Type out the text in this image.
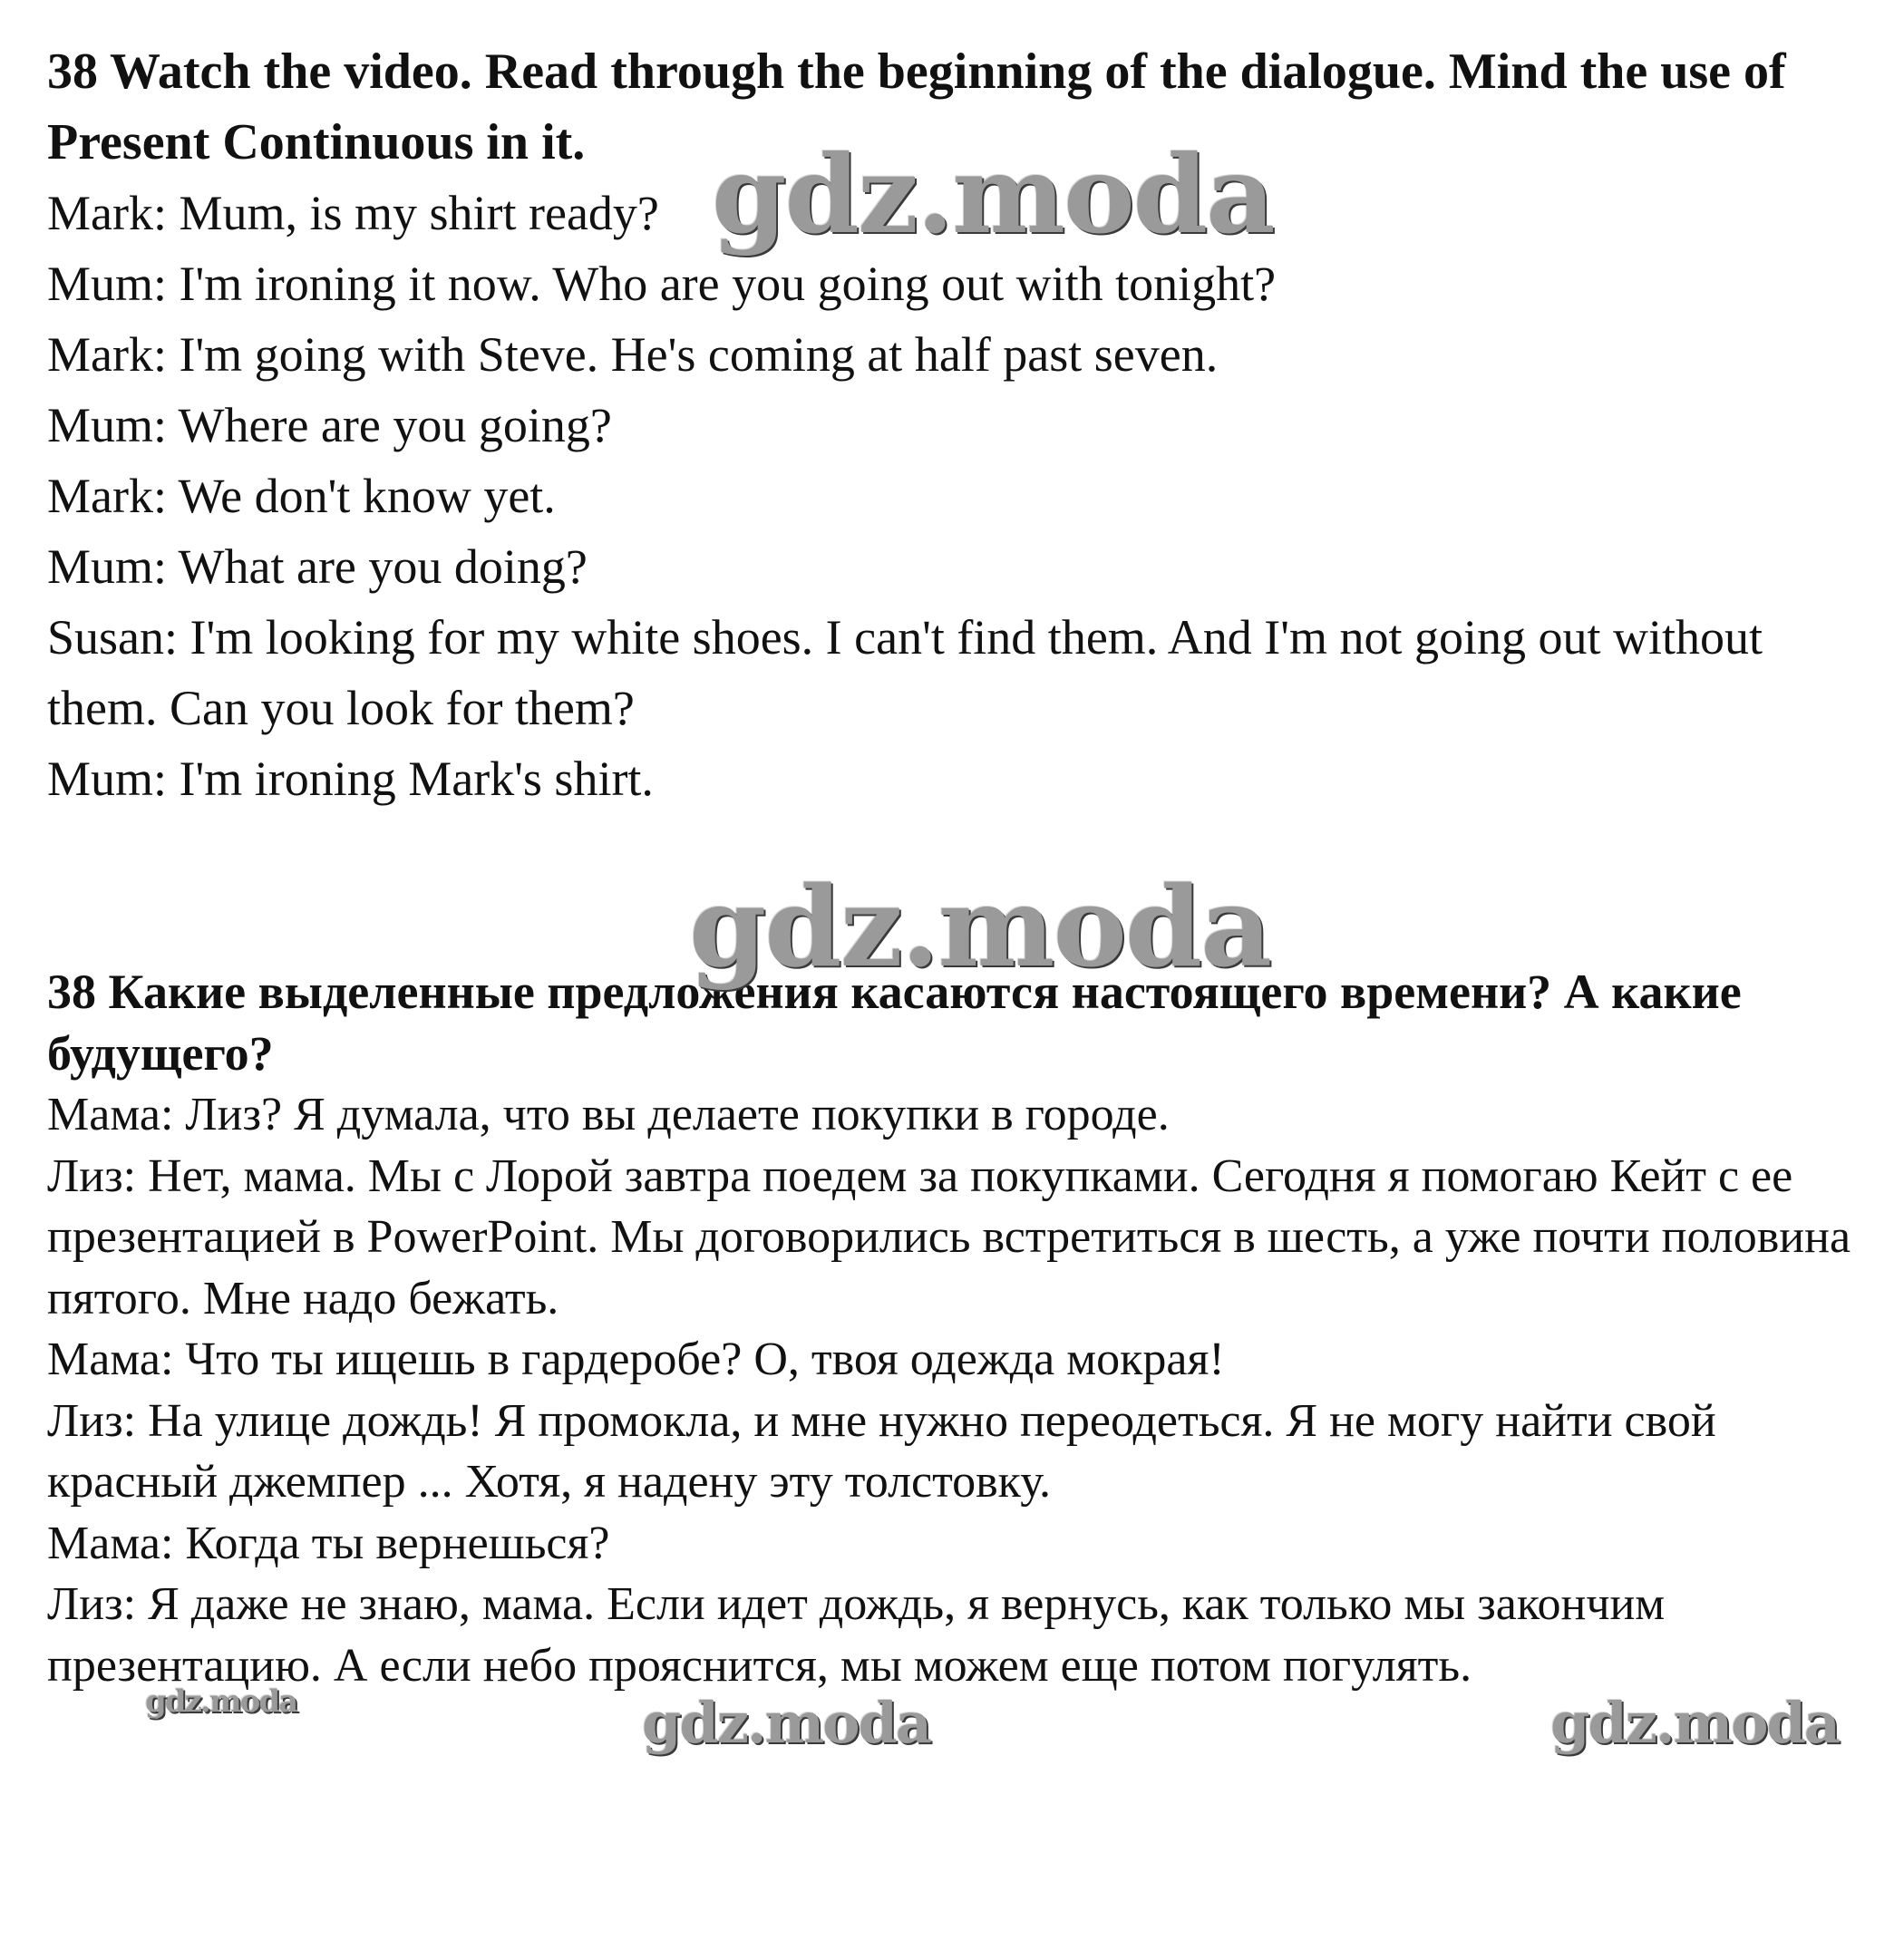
38 Watch the video. Read through the beginning of the dialogue. Mind the use of Present Continuous in it.

Mark: Mum, is my shirt ready?

Mum: I'm ironing it now. Who are you going out with tonight?

Mark: I'm going with Steve. He's coming at half past seven.

Mum: Where are you going?

Mark: We don't know yet.

Mum: What are you doing?

Susan: I'm looking for my white shoes. I can't find them. And I'm not going out without them. Can you look for them?

Mum: I'm ironing Mark's shirt.

38 Какие выделенные предложения касаются настоящего времени? А какие будущего?

Мама: Лиз? Я думала, что вы делаете покупки в городе.

Лиз: Нет, мама. Мы с Лорой завтра поедем за покупками. Сегодня я помогаю Кейт с ее презентацией в PowerPoint. Мы договорились встретиться в шесть, а уже почти половина пятого. Мне надо бежать.

Мама: Что ты ищешь в гардеробе? О, твоя одежда мокрая!

Лиз: На улице дождь! Я промокла, и мне нужно переодеться. Я не могу найти свой красный джемпер ... Хотя, я надену эту толстовку.

Мама: Когда ты вернешься?

Лиз: Я даже не знаю, мама. Если идет дождь, я вернусь, как только мы закончим презентацию. А если небо прояснится, мы можем еще потом погулять.

gdz.moda
gdz.moda
gdz.moda	gdz.moda	gdz.moda
